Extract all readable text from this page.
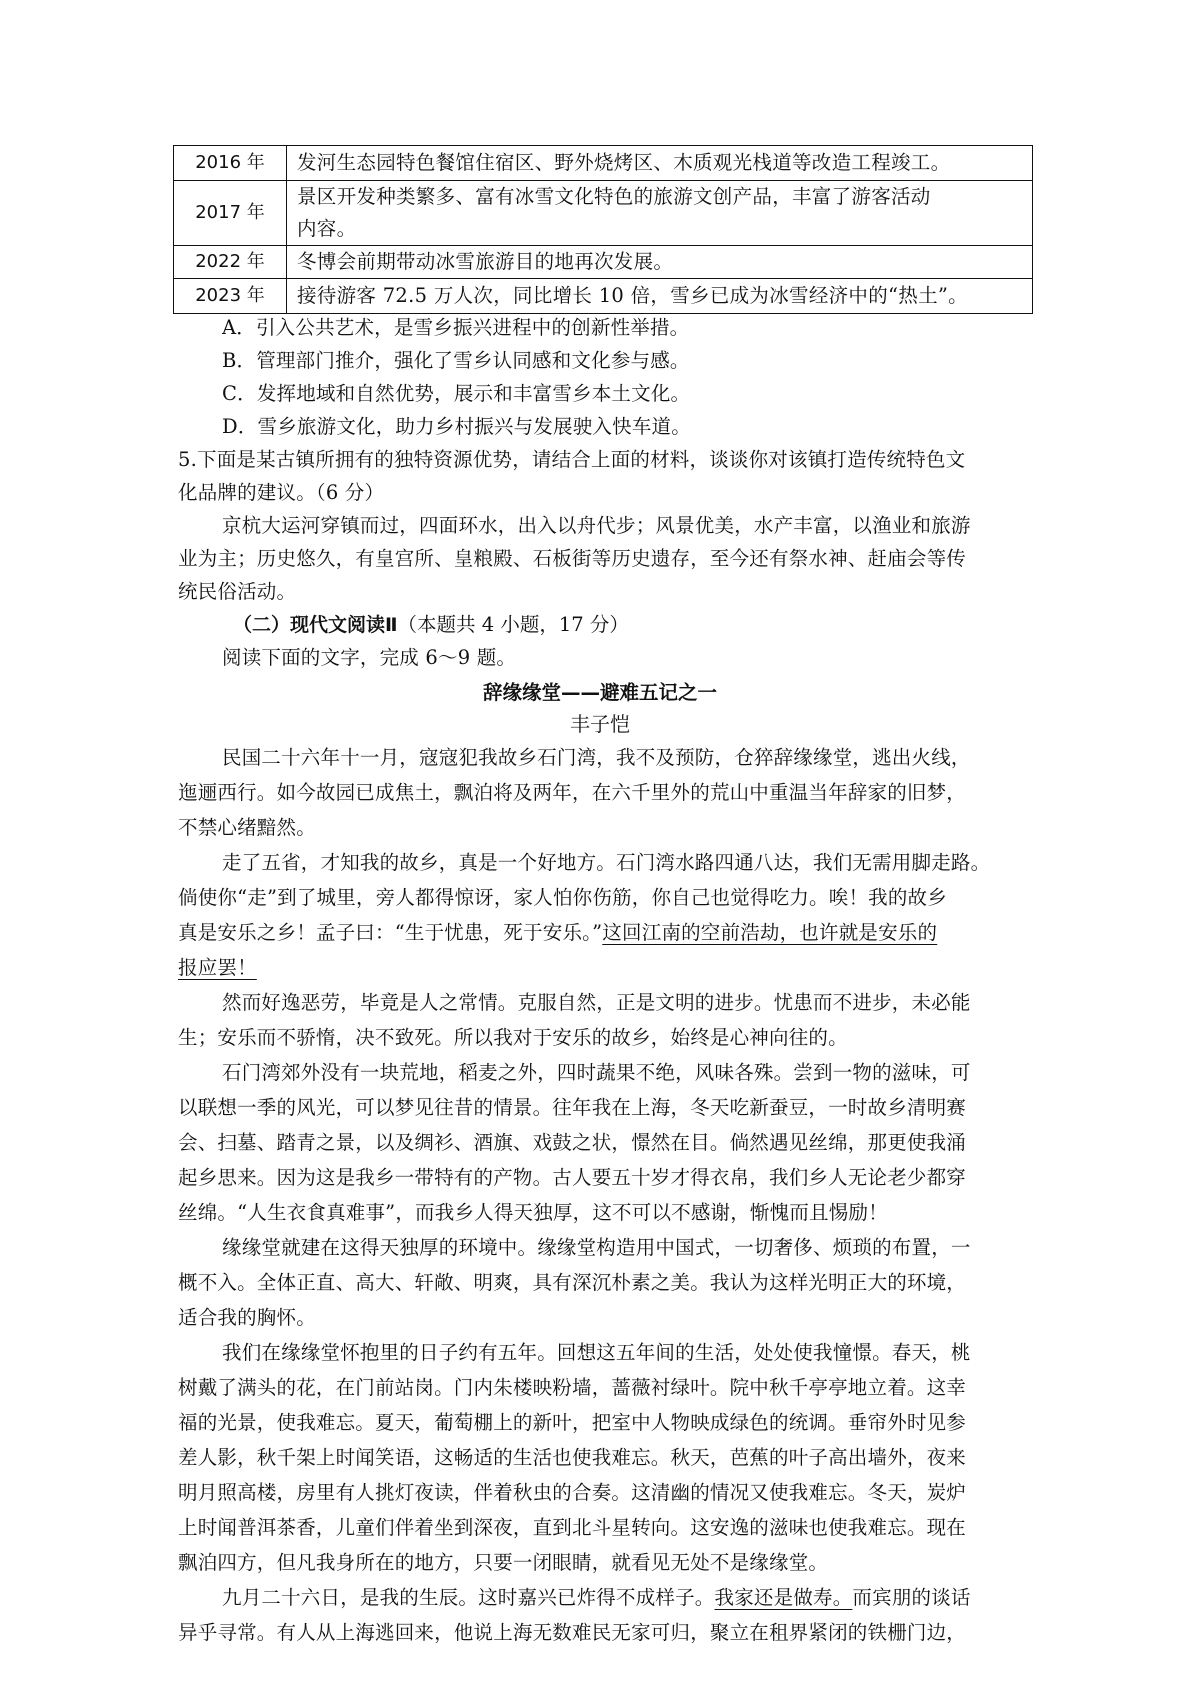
2016 年	发河生态园特色餐馆住宿区、野外烧烤区、木质观光栈道等改造工程竣工。
2017 年	景区开发种类繁多、富有冰雪文化特色的旅游文创产品，丰富了游客活动
内容。

2022 年	冬博会前期带动冰雪旅游目的地再次发展。
2023 年	接待游客 72.5 万人次，同比增长 10 倍，雪乡已成为冰雪经济中的“热土”。
A．引入公共艺术，是雪乡振兴进程中的创新性举措。
B．管理部门推介，强化了雪乡认同感和文化参与感。
C．发挥地域和自然优势，展示和丰富雪乡本土文化。
D．雪乡旅游文化，助力乡村振兴与发展驶入快车道。
5.下面是某古镇所拥有的独特资源优势，请结合上面的材料，谈谈你对该镇打造传统特色文
化品牌的建议。（6 分）
京杭大运河穿镇而过，四面环水，出入以舟代步；风景优美，水产丰富，以渔业和旅游
业为主；历史悠久，有皇宫所、皇粮殿、石板街等历史遗存，至今还有祭水神、赶庙会等传
统民俗活动。
（二）现代文阅读Ⅱ（本题共 4 小题，17 分）
阅读下面的文字，完成 6～9 题。
辞缘缘堂——避难五记之一
丰子恺
民国二十六年十一月，寇寇犯我故乡石门湾，我不及预防，仓猝辞缘缘堂，逃出火线，
迤逦西行。如今故园已成焦土，飘泊将及两年，在六千里外的荒山中重温当年辞家的旧梦，
不禁心绪黯然。
走了五省，才知我的故乡，真是一个好地方。石门湾水路四通八达，我们无需用脚走路。
倘使你“走”到了城里，旁人都得惊讶，家人怕你伤筋，你自己也觉得吃力。唉！我的故乡
真是安乐之乡！孟子曰：“生于忧患，死于安乐。”这回江南的空前浩劫，也许就是安乐的
报应罢！
然而好逸恶劳，毕竟是人之常情。克服自然，正是文明的进步。忧患而不进步，未必能
生；安乐而不骄惰，决不致死。所以我对于安乐的故乡，始终是心神向往的。
石门湾郊外没有一块荒地，稻麦之外，四时蔬果不绝，风味各殊。尝到一物的滋味，可
以联想一季的风光，可以梦见往昔的情景。往年我在上海，冬天吃新蚕豆，一时故乡清明赛
会、扫墓、踏青之景，以及绸衫、酒旗、戏鼓之状，憬然在目。倘然遇见丝绵，那更使我涌
起乡思来。因为这是我乡一带特有的产物。古人要五十岁才得衣帛，我们乡人无论老少都穿
丝绵。“人生衣食真难事”，而我乡人得天独厚，这不可以不感谢，惭愧而且惕励！
缘缘堂就建在这得天独厚的环境中。缘缘堂构造用中国式，一切奢侈、烦琐的布置，一
概不入。全体正直、高大、轩敞、明爽，具有深沉朴素之美。我认为这样光明正大的环境，
适合我的胸怀。
我们在缘缘堂怀抱里的日子约有五年。回想这五年间的生活，处处使我憧憬。春天，桃
树戴了满头的花，在门前站岗。门内朱楼映粉墙，蔷薇衬绿叶。院中秋千亭亭地立着。这幸
福的光景，使我难忘。夏天，葡萄棚上的新叶，把室中人物映成绿色的统调。垂帘外时见参
差人影，秋千架上时闻笑语，这畅适的生活也使我难忘。秋天，芭蕉的叶子高出墙外，夜来
明月照高楼，房里有人挑灯夜读，伴着秋虫的合奏。这清幽的情况又使我难忘。冬天，炭炉
上时闻普洱茶香，儿童们伴着坐到深夜，直到北斗星转向。这安逸的滋味也使我难忘。现在
飘泊四方，但凡我身所在的地方，只要一闭眼睛，就看见无处不是缘缘堂。
九月二十六日，是我的生辰。这时嘉兴已炸得不成样子。我家还是做寿。而宾朋的谈话
异乎寻常。有人从上海逃回来，他说上海无数难民无家可归，聚立在租界紧闭的铁栅门边，
